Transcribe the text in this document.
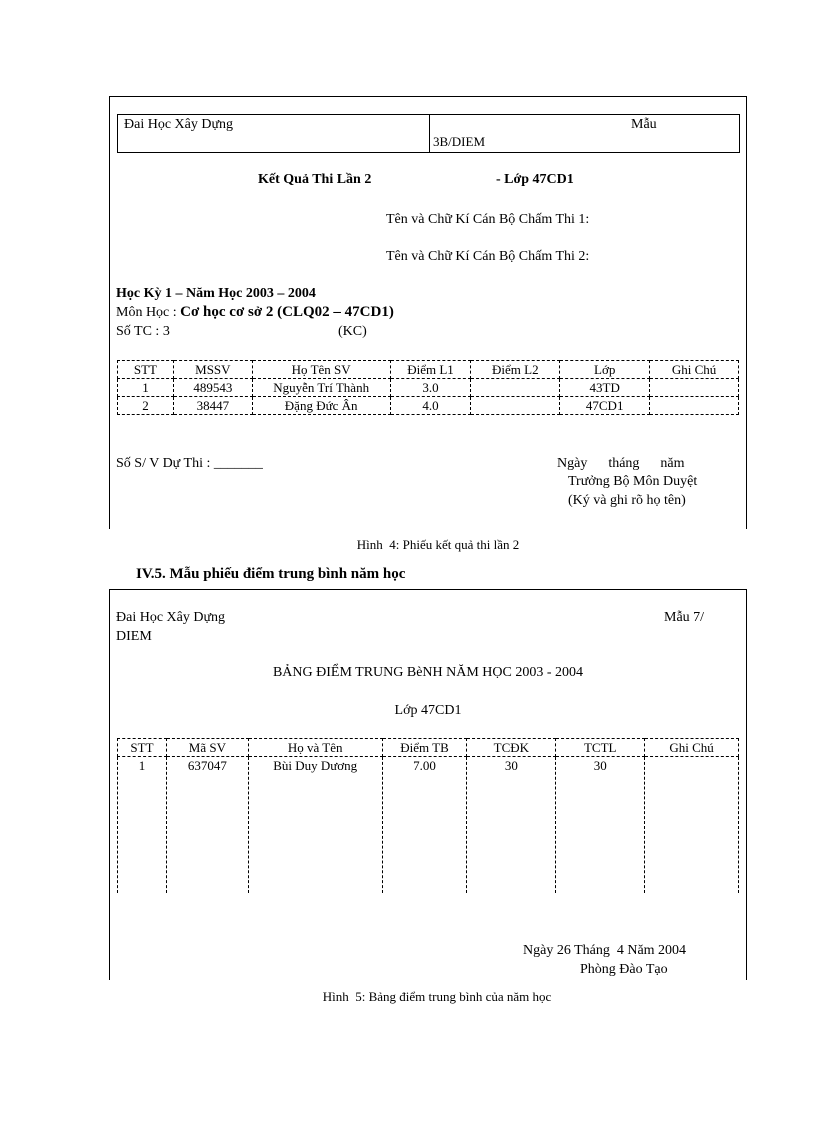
Đai Học Xây Dựng	Mẫu
3B/DIEM
Kết Quả Thi Lần 2	- Lớp 47CD1
Tên và Chữ Kí Cán Bộ Chấm Thi 1:
Tên và Chữ Kí Cán Bộ Chấm Thi 2:
Học Kỳ 1 – Năm Học 2003 – 2004
Môn Học : Cơ học cơ sở 2 (CLQ02 – 47CD1)
Số TC : 3	(KC)
STT	MSSV	Họ Tên SV	Điểm L1	Điểm L2	Lớp	Ghi Chú
1	489543	Nguyễn Trí Thành	3.0		43TD	
2	38447	Đặng Đức Ân	4.0		47CD1	
Số S/ V Dự Thi : _______	Ngày      tháng      năm
Trưởng Bộ Môn Duyệt
(Ký và ghi rõ họ tên)
Hình  4: Phiếu kết quả thi lần 2
IV.5. Mẫu phiếu điểm trung bình năm học
Đai Học Xây Dựng	Mẫu 7/
DIEM
BẢNG ĐIỂM TRUNG BèNH NĂM HỌC 2003 - 2004
Lớp 47CD1
STT	Mã SV	Họ và Tên	Điểm TB	TCĐK	TCTL	Ghi Chú
1	637047	Bùi Duy Dương	7.00	30	30	
Ngày 26 Tháng  4 Năm 2004
Phòng Đào Tạo
Hình  5: Bảng điểm trung bình của năm học
